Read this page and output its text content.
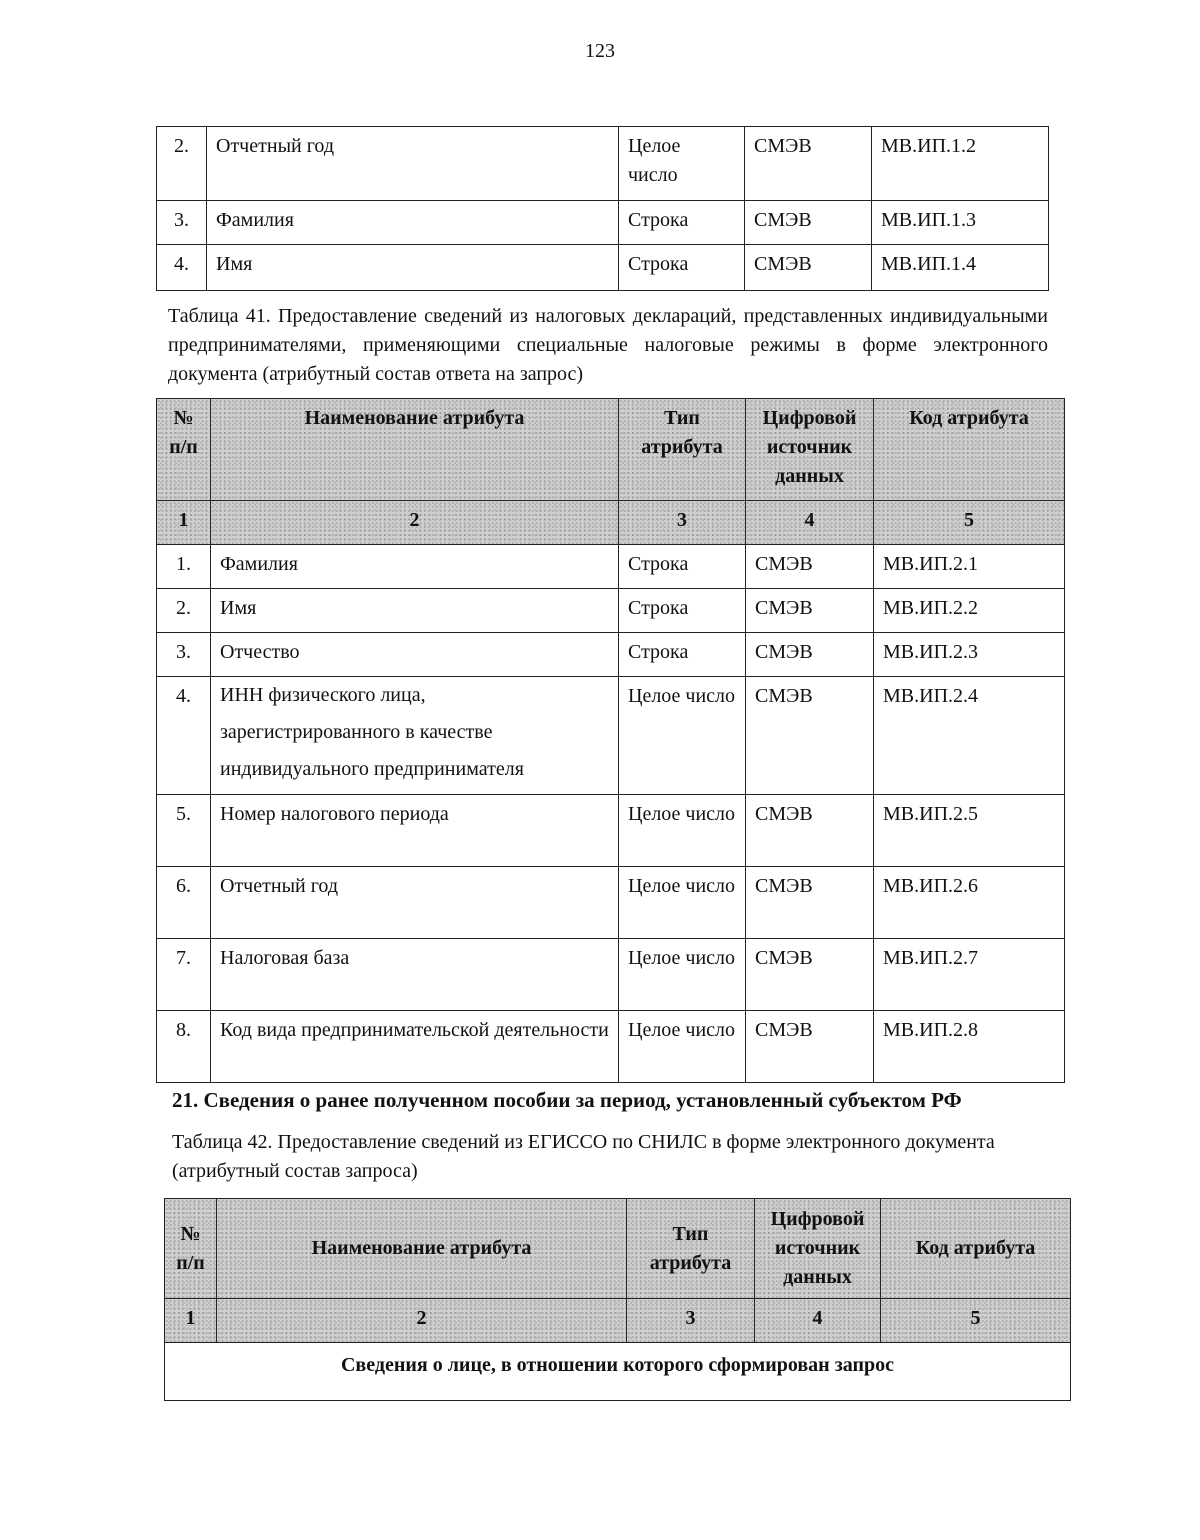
123
2.	Отчетный год	Целое число	СМЭВ	МВ.ИП.1.2
3.	Фамилия	Строка	СМЭВ	МВ.ИП.1.3
4.	Имя	Строка	СМЭВ	МВ.ИП.1.4
Таблица 41. Предоставление сведений из налоговых деклараций, представленных индивидуальными предпринимателями, применяющими специальные налоговые режимы в форме электронного документа (атрибутный состав ответа на запрос)
№ п/п	Наименование атрибута	Тип атрибута	Цифровой источник данных	Код атрибута
1	2	3	4	5
1.	Фамилия	Строка	СМЭВ	МВ.ИП.2.1
2.	Имя	Строка	СМЭВ	МВ.ИП.2.2
3.	Отчество	Строка	СМЭВ	МВ.ИП.2.3
4.	ИНН физического лица, зарегистрированного в качестве индивидуального предпринимателя	Целое число	СМЭВ	МВ.ИП.2.4
5.	Номер налогового периода	Целое число	СМЭВ	МВ.ИП.2.5
6.	Отчетный год	Целое число	СМЭВ	МВ.ИП.2.6
7.	Налоговая база	Целое число	СМЭВ	МВ.ИП.2.7
8.	Код вида предпринимательской деятельности	Целое число	СМЭВ	МВ.ИП.2.8
21. Сведения о ранее полученном пособии за период, установленный субъектом РФ
Таблица 42. Предоставление сведений из ЕГИССО по СНИЛС в форме электронного документа (атрибутный состав запроса)
№ п/п	Наименование атрибута	Тип атрибута	Цифровой источник данных	Код атрибута
1	2	3	4	5
Сведения о лице, в отношении которого сформирован запрос				
